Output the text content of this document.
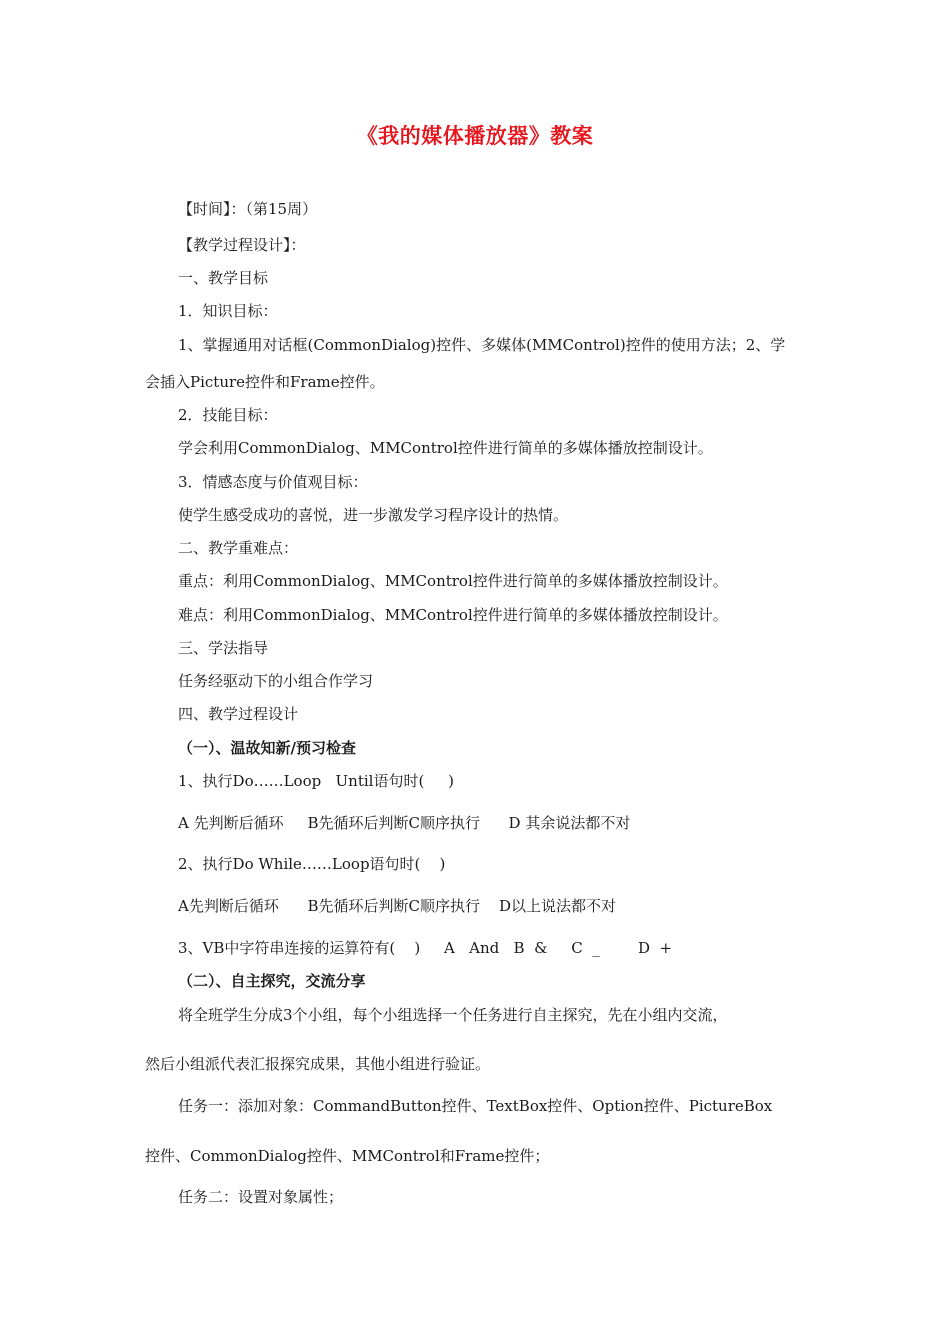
《我的媒体播放器》教案
【时间】：（第15周）
【教学过程设计】：
一、教学目标
1．知识目标：
1、掌握通用对话框(CommonDialog)控件、多媒体(MMControl)控件的使用方法；2、学
会插入Picture控件和Frame控件。
2．技能目标：
学会利用CommonDialog、MMControl控件进行简单的多媒体播放控制设计。
3．情感态度与价值观目标：
使学生感受成功的喜悦，进一步激发学习程序设计的热情。
二、教学重难点：
重点：利用CommonDialog、MMControl控件进行简单的多媒体播放控制设计。
难点：利用CommonDialog、MMControl控件进行简单的多媒体播放控制设计。
三、学法指导
任务经驱动下的小组合作学习
四、教学过程设计
（一）、温故知新/预习检查
1、执行Do……Loop   Until语句时(     )
A 先判断后循环     B先循环后判断C顺序执行      D 其余说法都不对
2、执行Do While……Loop语句时(    )
A先判断后循环      B先循环后判断C顺序执行    D以上说法都不对
3、VB中字符串连接的运算符有(    )     A   And   B  &     C  _        D  +
（二）、自主探究，交流分享
将全班学生分成3个小组，每个小组选择一个任务进行自主探究，先在小组内交流，
然后小组派代表汇报探究成果，其他小组进行验证。
任务一：添加对象：CommandButton控件、TextBox控件、Option控件、PictureBox
控件、CommonDialog控件、MMControl和Frame控件；
任务二：设置对象属性；
